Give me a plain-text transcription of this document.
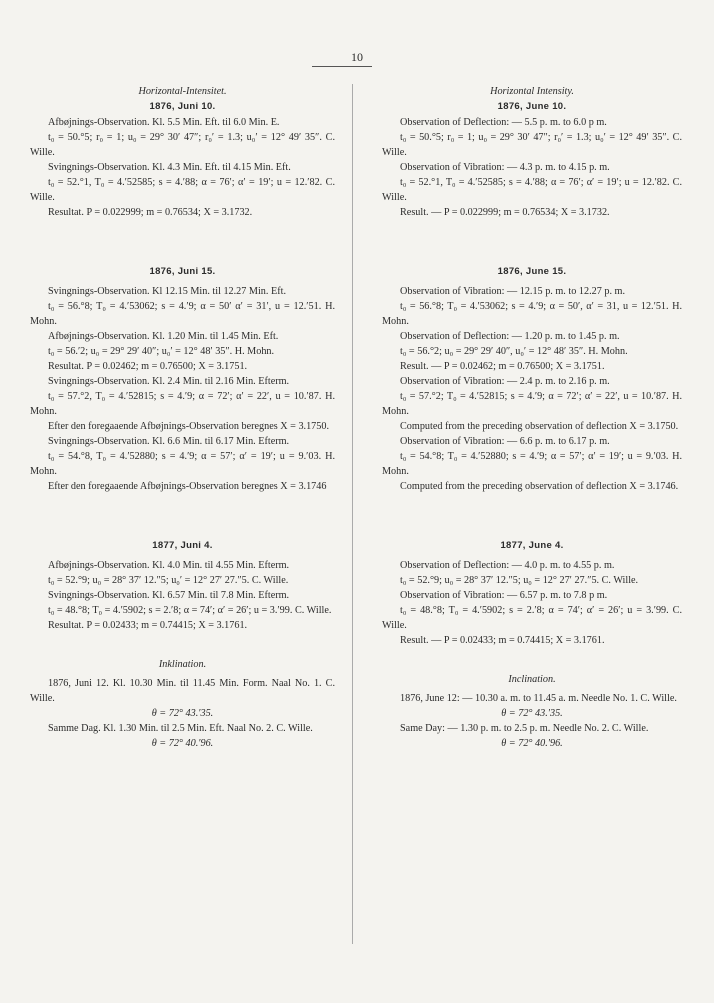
10
Horizontal-Intensitet.
1876, Juni 10.

Afbøjnings-Observation. Kl. 5.5 Min. Eft. til 6.0 Min. E.

t₀ = 50.°5; r₀ = 1; u₀ = 29° 30′ 47″; r₀′ = 1.3; u₀′ = 12° 49′ 35″. C. Wille.

Svingnings-Observation. Kl. 4.3 Min. Eft. til 4.15 Min. Eft.

t₀ = 52.°1, T₀ = 4.′52585; s = 4.′88; α = 76′; α′ = 19′; u = 12.′82. C. Wille.

Resultat. P = 0.022999; m = 0.76534; X = 3.1732.

1876, Juni 15.

Svingnings-Observation. Kl 12.15 Min. til 12.27 Min. Eft.

t₀ = 56.°8; T₀ = 4.′53062; s = 4.′9; α = 50′ α′ = 31′, u = 12.′51. H. Mohn.

Afbøjnings-Observation. Kl. 1.20 Min. til 1.45 Min. Eft.

t₀ = 56.′2; u₀ = 29° 29′ 40″; u₀′ = 12° 48′ 35″. H. Mohn.

Resultat. P = 0.02462; m = 0.76500; X = 3.1751.

Svingnings-Observation. Kl. 2.4 Min. til 2.16 Min. Efterm.

t₀ = 57.°2, T₀ = 4.′52815; s = 4.′9; α = 72′; α′ = 22′, u = 10.′87. H. Mohn.

Efter den foregaaende Afbøjnings-Observation beregnes X = 3.1750.

Svingnings-Observation. Kl. 6.6 Min. til 6.17 Min. Efterm.

t₀ = 54.°8, T₀ = 4.′52880; s = 4.′9; α = 57′; α′ = 19′; u = 9.′03. H. Mohn.

Efter den foregaaende Afbøjnings-Observation beregnes X = 3.1746

1877, Juni 4.

Afbøjnings-Observation. Kl. 4.0 Min. til 4.55 Min. Efterm.

t₀ = 52.°9; u₀ = 28° 37′ 12.″5; u₀′ = 12° 27′ 27.″5. C. Wille.

Svingnings-Observation. Kl. 6.57 Min. til 7.8 Min. Efterm.

t₀ = 48.°8; T₀ = 4.′5902; s = 2.′8; α = 74′; α′ = 26′; u = 3.′99. C. Wille.

Resultat. P = 0.02433; m = 0.74415; X = 3.1761.

Inklination.

1876, Juni 12. Kl. 10.30 Min. til 11.45 Min. Form. Naal No. 1. C. Wille.

θ = 72° 43.′35.

Samme Dag. Kl. 1.30 Min. til 2.5 Min. Eft. Naal No. 2. C. Wille.

θ = 72° 40.′96.

Horizontal Intensity.
1876, June 10.

Observation of Deflection: — 5.5 p. m. to 6.0 p m.

t₀ = 50.°5; r₀ = 1; u₀ = 29° 30′ 47″; r₀′ = 1.3; u₀′ = 12° 49′ 35″. C. Wille.

Observation of Vibration: — 4.3 p. m. to 4.15 p. m.

t₀ = 52.°1, T₀ = 4.′52585; s = 4.′88; α = 76′; α′ = 19′; u = 12.′82. C. Wille.

Result. — P = 0.022999; m = 0.76534; X = 3.1732.

1876, June 15.

Observation of Vibration: — 12.15 p. m. to 12.27 p. m.

t₀ = 56.°8; T₀ = 4.′53062; s = 4.′9; α = 50′, α′ = 31, u = 12.′51. H. Mohn.

Observation of Deflection: — 1.20 p. m. to 1.45 p. m.

t₀ = 56.°2; u₀ = 29° 29′ 40″, u₀′ = 12° 48′ 35″. H. Mohn.

Result. — P = 0.02462; m = 0.76500; X = 3.1751.

Observation of Vibration: — 2.4 p. m. to 2.16 p. m.

t₀ = 57.°2; T₀ = 4.′52815; s = 4.′9; α = 72′; α′ = 22′, u = 10.′87. H. Mohn.

Computed from the preceding observation of deflection X = 3.1750.

Observation of Vibration: — 6.6 p. m. to 6.17 p. m.

t₀ = 54.°8; T₀ = 4.′52880; s = 4.′9; α = 57′; α′ = 19′; u = 9.′03. H. Mohn.

Computed from the preceding observation of deflection X = 3.1746.

1877, June 4.

Observation of Deflection: — 4.0 p. m. to 4.55 p. m.

t₀ = 52.°9; u₀ = 28° 37′ 12.″5; u₀ = 12° 27′ 27.″5. C. Wille.

Observation of Vibration: — 6.57 p. m. to 7.8 p m.

t₀ = 48.°8; T₀ = 4.′5902; s = 2.′8; α = 74′; α′ = 26′; u = 3.′99. C. Wille.

Result. — P = 0.02433; m = 0.74415; X = 3.1761.

Inclination.

1876, June 12: — 10.30 a. m. to 11.45 a. m. Needle No. 1. C. Wille.

θ = 72° 43.′35.

Same Day: — 1.30 p. m. to 2.5 p. m. Needle No. 2. C. Wille.

θ = 72° 40.′96.
